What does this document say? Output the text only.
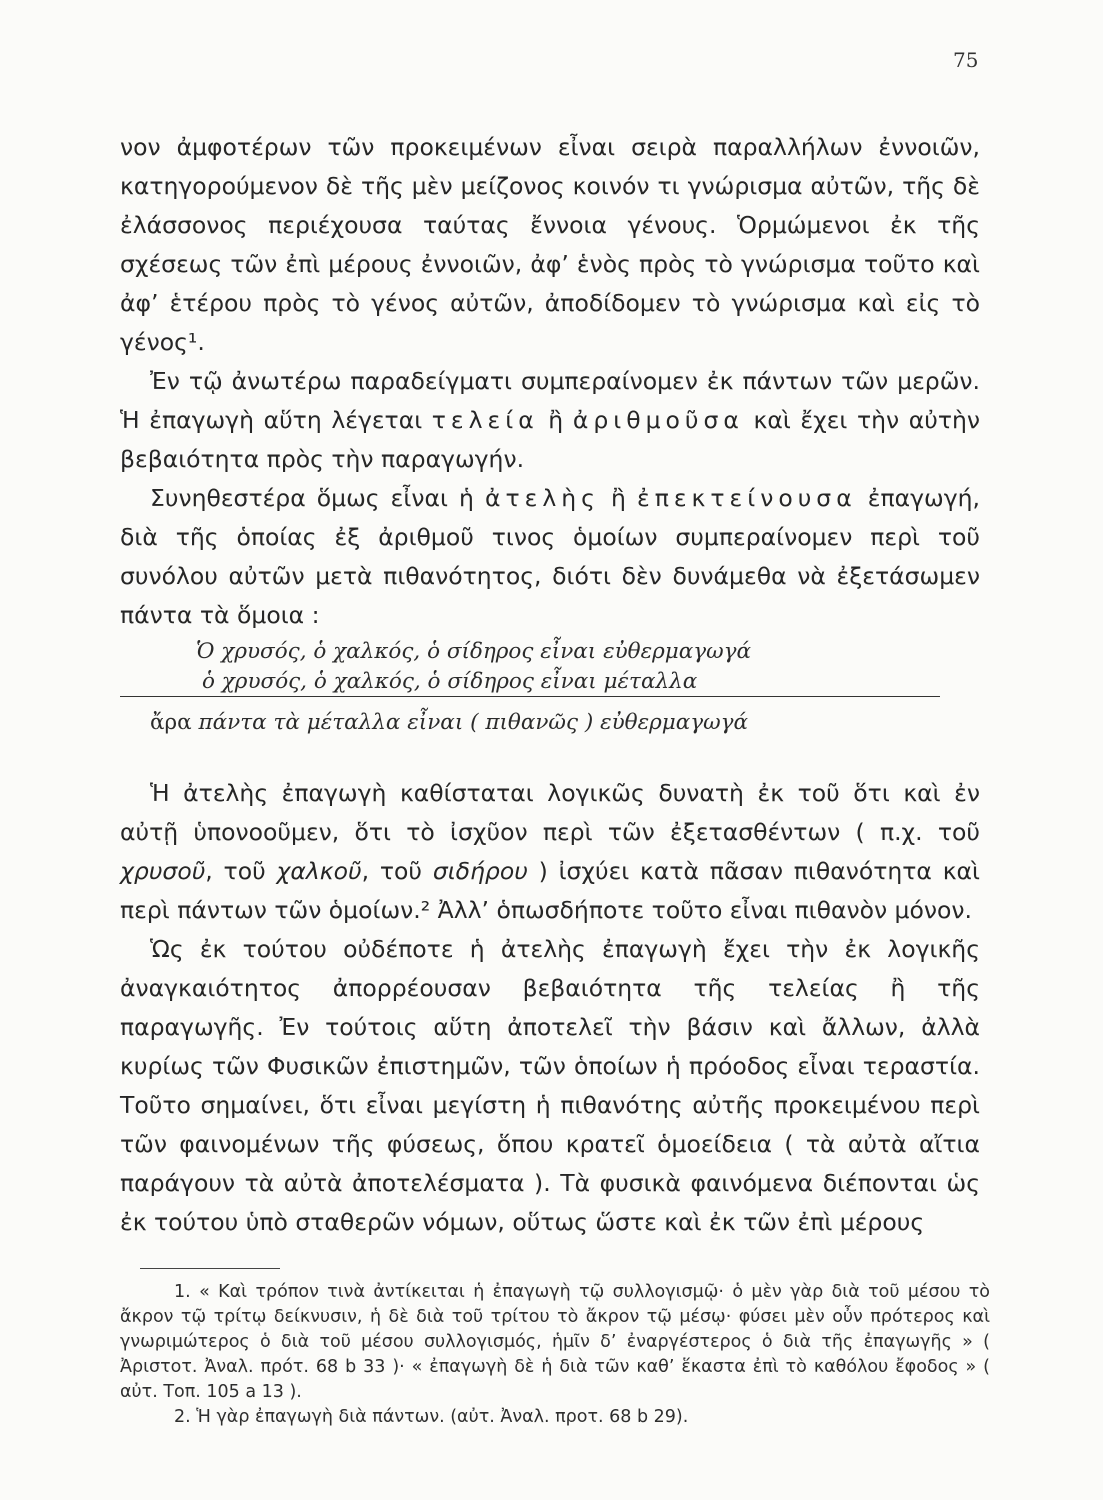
75

νον ἀμφοτέρων τῶν προκειμένων εἶναι σειρὰ παραλλήλων ἐννοιῶν, κατηγορούμενον δὲ τῆς μὲν μείζονος κοινόν τι γνώρισμα αὐτῶν, τῆς δὲ ἐλάσσονος περιέχουσα ταύτας ἔννοια γένους. Ὁρμώμενοι ἐκ τῆς σχέσεως τῶν ἐπὶ μέρους ἐννοιῶν, ἀφ’ ἑνὸς πρὸς τὸ γνώρισμα τοῦτο καὶ ἀφ’ ἑτέρου πρὸς τὸ γένος αὐτῶν, ἀποδίδομεν τὸ γνώρισμα καὶ εἰς τὸ γένος¹.

Ἐν τῷ ἀνωτέρω παραδείγματι συμπεραίνομεν ἐκ πάντων τῶν μερῶν. Ἡ ἐπαγωγὴ αὕτη λέγεται τελεία ἢ ἀριθμοῦσα καὶ ἔχει τὴν αὐτὴν βεβαιότητα πρὸς τὴν παραγωγήν.

Συνηθεστέρα ὅμως εἶναι ἡ ἀτελὴς ἢ ἐπεκτείνουσα ἐπαγωγή, διὰ τῆς ὁποίας ἐξ ἀριθμοῦ τινος ὁμοίων συμπεραίνομεν περὶ τοῦ συνόλου αὐτῶν μετὰ πιθανότητος, διότι δὲν δυνάμεθα νὰ ἐξετάσωμεν πάντα τὰ ὅμοια :

Ὁ χρυσός, ὁ χαλκός, ὁ σίδηρος εἶναι εὐθερμαγωγά
ὁ χρυσός, ὁ χαλκός, ὁ σίδηρος εἶναι μέταλλα
ἄρα πάντα τὰ μέταλλα εἶναι ( πιθανῶς ) εὐθερμαγωγά

Ἡ ἀτελὴς ἐπαγωγὴ καθίσταται λογικῶς δυνατὴ ἐκ τοῦ ὅτι καὶ ἐν αὐτῇ ὑπονοοῦμεν, ὅτι τὸ ἰσχῦον περὶ τῶν ἐξετασθέντων ( π.χ. τοῦ χρυσοῦ, τοῦ χαλκοῦ, τοῦ σιδήρου ) ἰσχύει κατὰ πᾶσαν πιθανότητα καὶ περὶ πάντων τῶν ὁμοίων.² Ἀλλ’ ὁπωσδήποτε τοῦτο εἶναι πιθανὸν μόνον.

Ὡς ἐκ τούτου οὐδέποτε ἡ ἀτελὴς ἐπαγωγὴ ἔχει τὴν ἐκ λογικῆς ἀναγκαιότητος ἀπορρέουσαν βεβαιότητα τῆς τελείας ἢ τῆς παραγωγῆς. Ἐν τούτοις αὕτη ἀποτελεῖ τὴν βάσιν καὶ ἄλλων, ἀλλὰ κυρίως τῶν Φυσικῶν ἐπιστημῶν, τῶν ὁποίων ἡ πρόοδος εἶναι τεραστία. Τοῦτο σημαίνει, ὅτι εἶναι μεγίστη ἡ πιθανότης αὐτῆς προκειμένου περὶ τῶν φαινομένων τῆς φύσεως, ὅπου κρατεῖ ὁμοείδεια ( τὰ αὐτὰ αἴτια παράγουν τὰ αὐτὰ ἀποτελέσματα ). Τὰ φυσικὰ φαινόμενα διέπονται ὡς ἐκ τούτου ὑπὸ σταθερῶν νόμων, οὕτως ὥστε καὶ ἐκ τῶν ἐπὶ μέρους

1. « Καὶ τρόπον τινὰ ἀντίκειται ἡ ἐπαγωγὴ τῷ συλλογισμῷ· ὁ μὲν γὰρ διὰ τοῦ μέσου τὸ ἄκρον τῷ τρίτῳ δείκνυσιν, ἡ δὲ διὰ τοῦ τρίτου τὸ ἄκρον τῷ μέσῳ· φύσει μὲν οὖν πρότερος καὶ γνωριμώτερος ὁ διὰ τοῦ μέσου συλλογισμός, ἡμῖν δ’ ἐναργέστερος ὁ διὰ τῆς ἐπαγωγῆς » ( Ἀριστοτ. Ἀναλ. πρότ. 68 b 33 )· « ἐπαγωγὴ δὲ ἡ διὰ τῶν καθ’ ἕκαστα ἐπὶ τὸ καθόλου ἔφοδος » ( αὐτ. Τοπ. 105 a 13 ).

2. Ἡ γὰρ ἐπαγωγὴ διὰ πάντων. (αὐτ. Ἀναλ. προτ. 68 b 29).
